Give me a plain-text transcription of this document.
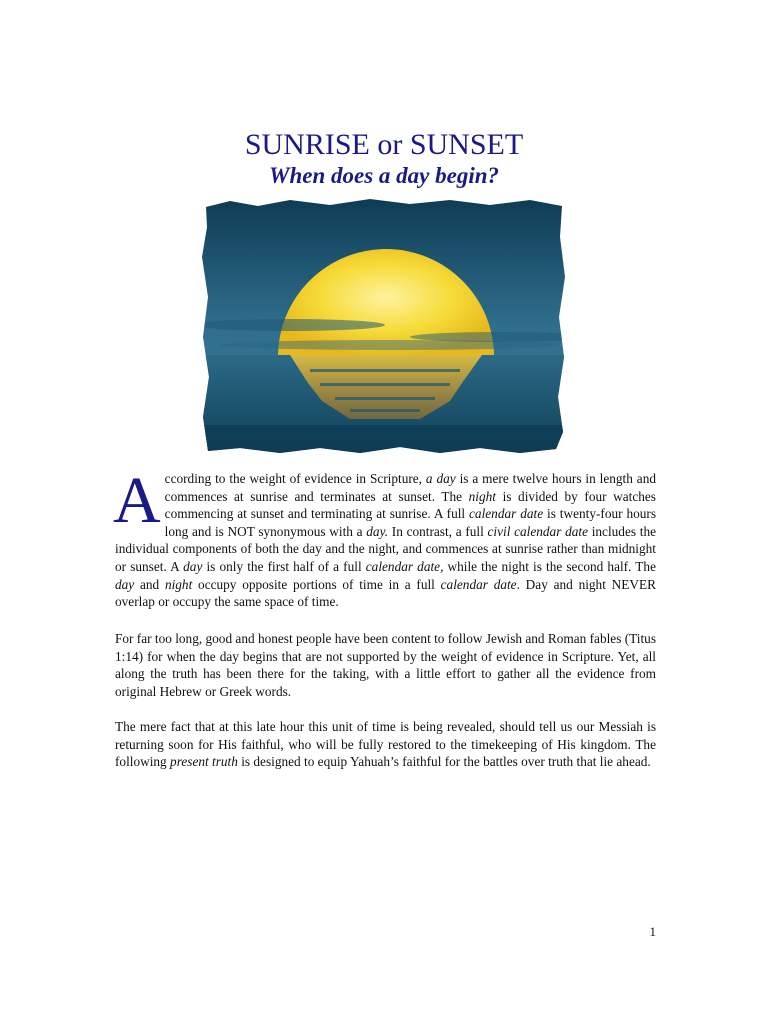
SUNRISE or SUNSET
When does a day begin?
According to the weight of evidence in Scripture, a day is a mere twelve hours in length and commences at sunrise and terminates at sunset. The night is divided by four watches commencing at sunset and terminating at sunrise. A full calendar date is twenty-four hours long and is NOT synonymous with a day. In contrast, a full civil calendar date includes the individual components of both the day and the night, and commences at sunrise rather than midnight or sunset. A day is only the first half of a full calendar date, while the night is the second half. The day and night occupy opposite portions of time in a full calendar date. Day and night NEVER overlap or occupy the same space of time.

For far too long, good and honest people have been content to follow Jewish and Roman fables (Titus 1:14) for when the day begins that are not supported by the weight of evidence in Scripture. Yet, all along the truth has been there for the taking, with a little effort to gather all the evidence from original Hebrew or Greek words.

The mere fact that at this late hour this unit of time is being revealed, should tell us our Messiah is returning soon for His faithful, who will be fully restored to the timekeeping of His kingdom. The following present truth is designed to equip Yahuah’s faithful for the battles over truth that lie ahead.

1
